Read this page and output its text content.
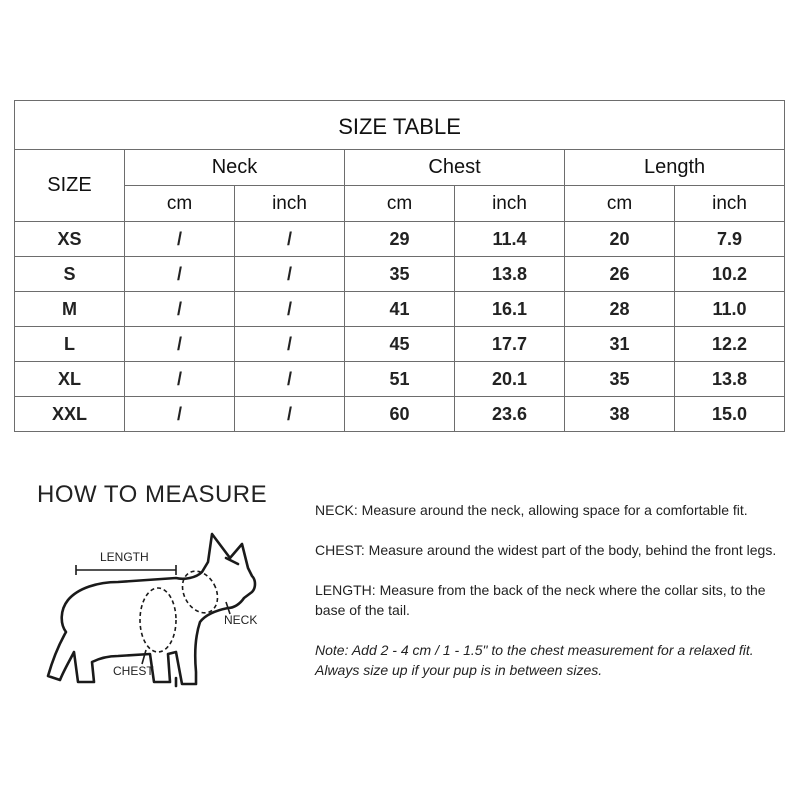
SIZE TABLE						
SIZE	Neck		Chest		Length	
	cm	inch	cm	inch	cm	inch
XS	/	/	29	11.4	20	7.9
S	/	/	35	13.8	26	10.2
M	/	/	41	16.1	28	11.0
L	/	/	45	17.7	31	12.2
XL	/	/	51	20.1	35	13.8
XXL	/	/	60	23.6	38	15.0
HOW TO MEASURE
LENGTH
NECK
CHEST

NECK: Measure around the neck, allowing space for a comfortable fit.

CHEST: Measure around the widest part of the body, behind the front legs.

LENGTH: Measure from the back of the neck where the collar sits, to the base of the tail.

Note: Add 2 - 4 cm / 1 - 1.5" to the chest measurement for a relaxed fit. Always size up if your pup is in between sizes.
